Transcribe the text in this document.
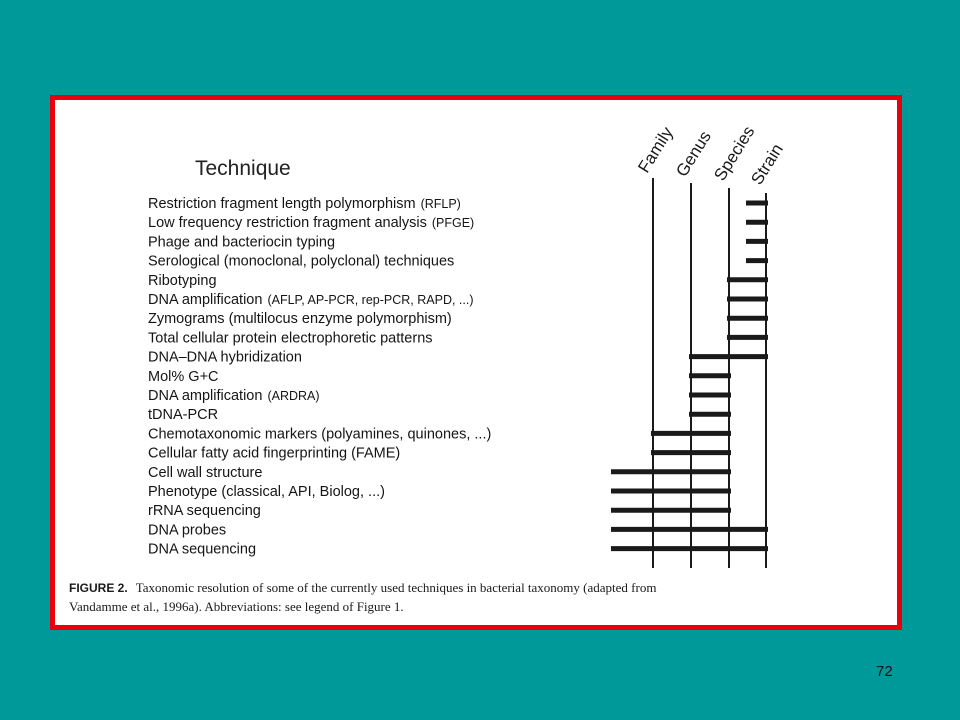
Technique	Family
Genus
Species
Strain
Restriction fragment length polymorphism (RFLP)
Low frequency restriction fragment analysis (PFGE)
Phage and bacteriocin typing
Serological (monoclonal, polyclonal) techniques
Ribotyping
DNA amplification (AFLP, AP-PCR, rep-PCR, RAPD, ...)
Zymograms (multilocus enzyme polymorphism)
Total cellular protein electrophoretic patterns
DNA–DNA hybridization
Mol% G+C
DNA amplification (ARDRA)
tDNA-PCR
Chemotaxonomic markers (polyamines, quinones, ...)
Cellular fatty acid fingerprinting (FAME)
Cell wall structure
Phenotype (classical, API, Biolog, ...)
rRNA sequencing
DNA probes
DNA sequencing
FIGURE 2. Taxonomic resolution of some of the currently used techniques in bacterial taxonomy (adapted from
Vandamme et al., 1996a). Abbreviations: see legend of Figure 1.
72
